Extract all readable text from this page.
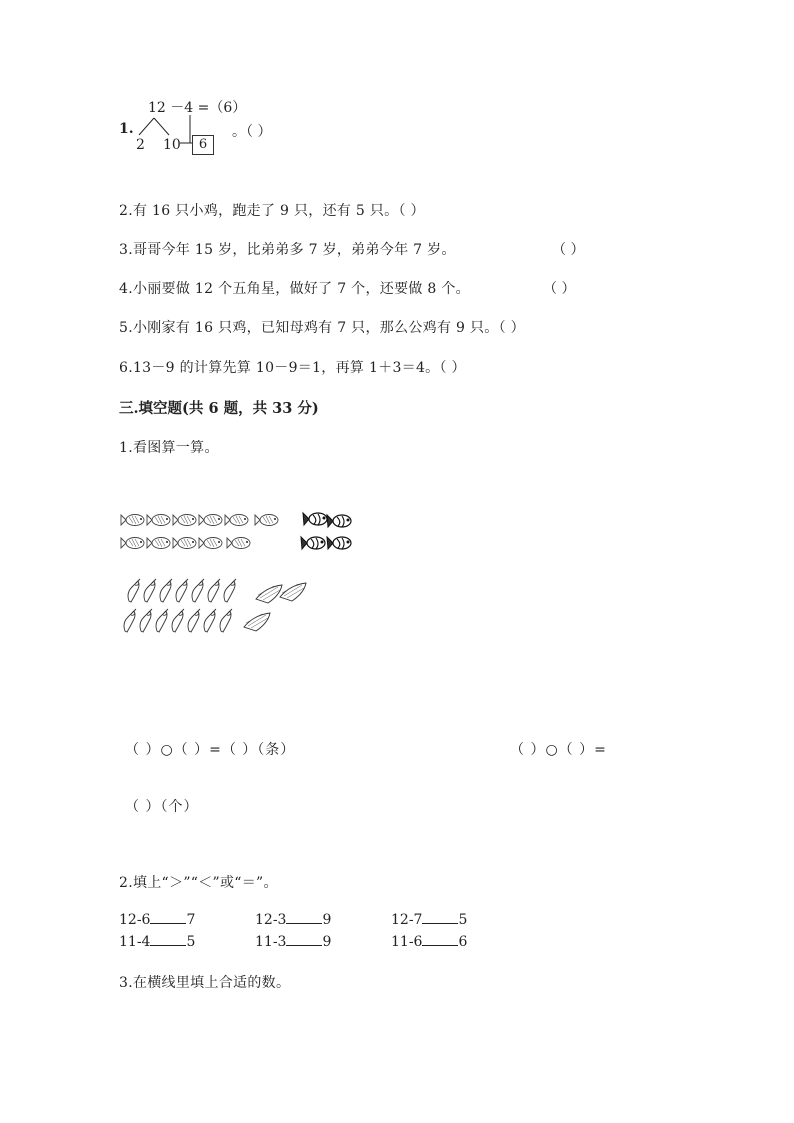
1.
12 －4 =（6）
2 10	6
。（ ）
2.有 16 只小鸡，跑走了 9 只，还有 5 只。（ ）
3.哥哥今年 15 岁，比弟弟多 7 岁，弟弟今年 7 岁。	（ ）
4.小丽要做 12 个五角星，做好了 7 个，还要做 8 个。	（ ）
5.小刚家有 16 只鸡，已知母鸡有 7 只，那么公鸡有 9 只。（ ）
6.13－9 的计算先算 10－9＝1，再算 1＋3＝4。（ ）
三.填空题(共 6 题，共 33 分)
1.看图算一算。
（ ）○（ ）=（ ）（条）	（ ）○（ ）=
（ ）（个）
2.填上“＞”“＜”或“＝”。
12-6	7	12-3	9	12-7	5
11-4	5	11-3	9	11-6	6
3.在横线里填上合适的数。
